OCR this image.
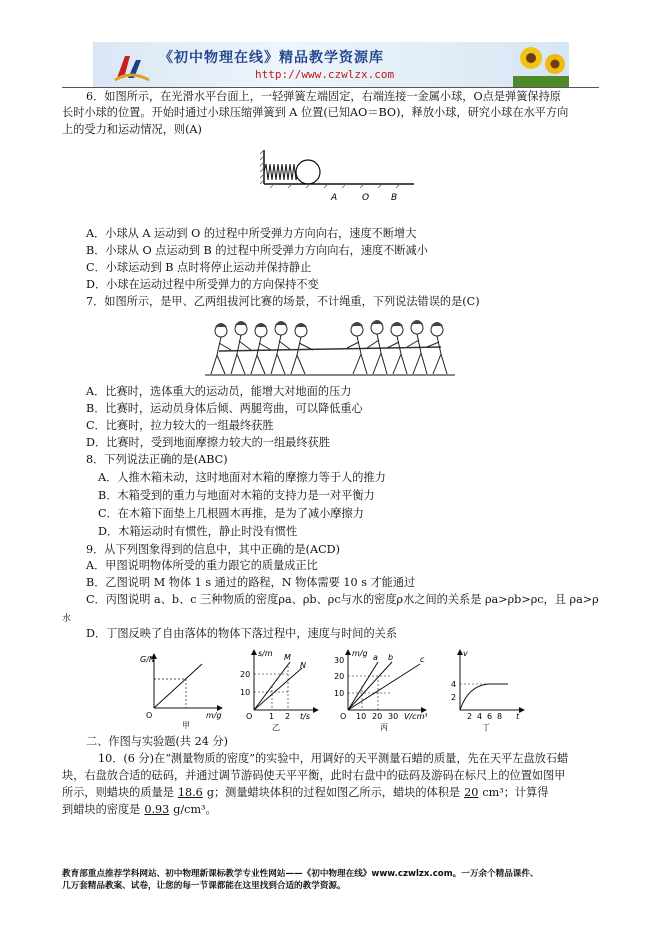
《初中物理在线》精品教学资源库
http://www.czwlzx.com
6．如图所示，在光滑水平台面上，一轻弹簧左端固定，右端连接一金属小球，O点是弹簧保持原
长时小球的位置。开始时通过小球压缩弹簧到 A 位置(已知AO＝BO)，释放小球，研究小球在水平方向
上的受力和运动情况，则(A)
A	O B
A．小球从 A 运动到 O 的过程中所受弹力方向向右，速度不断增大
B．小球从 O 点运动到 B 的过程中所受弹力方向向右，速度不断减小
C．小球运动到 B 点时将停止运动并保持静止
D．小球在运动过程中所受弹力的方向保持不变
7．如图所示，是甲、乙两组拔河比赛的场景，不计绳重，下列说法错误的是(C)
A．比赛时，选体重大的运动员，能增大对地面的压力
B．比赛时，运动员身体后倾、两腿弯曲，可以降低重心
C．比赛时，拉力较大的一组最终获胜
D．比赛时，受到地面摩擦力较大的一组最终获胜
8．下列说法正确的是(ABC)
A．人推木箱未动，这时地面对木箱的摩擦力等于人的推力
B．木箱受到的重力与地面对木箱的支持力是一对平衡力
C．在木箱下面垫上几根圆木再推，是为了减小摩擦力
D．木箱运动时有惯性，静止时没有惯性
9．从下列图象得到的信息中，其中正确的是(ACD)
A．甲图说明物体所受的重力跟它的质量成正比
B．乙图说明 M 物体 1 s 通过的路程，N 物体需要 10 s 才能通过
C．丙图说明 a、b、c 三种物质的密度ρa、ρb、ρc与水的密度ρ水之间的关系是 ρa>ρb>ρc，且 ρa>ρ
水
D．丁图反映了自由落体的物体下落过程中，速度与时间的关系
G/N
O	m/g
甲
s/m
10
20
O 1 2 t/s
M
N
乙
m/g
10
20
30
O 10 20 30 V/cm³
a b	c
丙
v
2
4
2 4 6 8 t
丁
二、作图与实验题(共 24 分)
10．(6 分)在“测量物质的密度”的实验中，用调好的天平测量石蜡的质量，先在天平左盘放石蜡
块，右盘放合适的砝码，并通过调节游码使天平平衡，此时右盘中的砝码及游码在标尺上的位置如图甲
所示，则蜡块的质量是 18.6 g；测量蜡块体积的过程如图乙所示，蜡块的体积是 20 cm³；计算得
到蜡块的密度是 0.93 g/cm³。
教育部重点推荐学科网站、初中物理新课标教学专业性网站——《初中物理在线》www.czwlzx.com。一万余个精品课件、
几万套精品教案、试卷，让您的每一节课都能在这里找到合适的教学资源。
